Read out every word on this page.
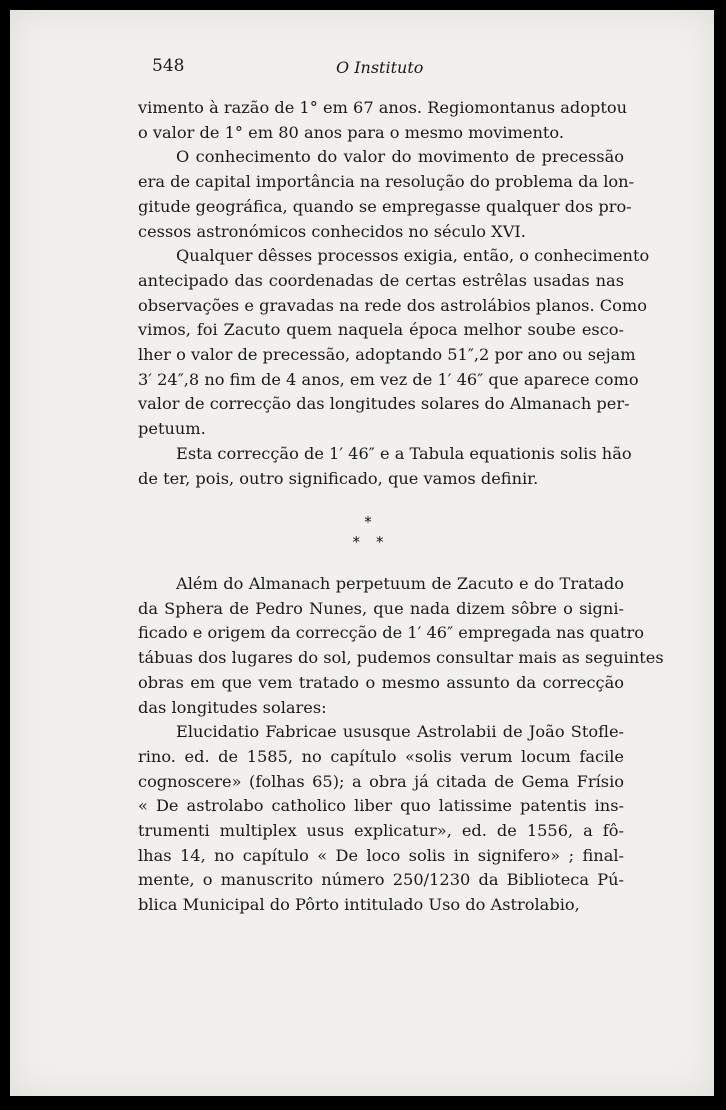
548	O Instituto

vimento à razão de 1° em 67 anos. Regiomontanus adoptou
o valor de 1° em 80 anos para o mesmo movimento.

O conhecimento do valor do movimento de precessão
era de capital importância na resolução do problema da lon-
gitude geográfica, quando se empregasse qualquer dos pro-
cessos astronómicos conhecidos no século XVI.

Qualquer dêsses processos exigia, então, o conhecimento
antecipado das coordenadas de certas estrêlas usadas nas
observações e gravadas na rede dos astrolábios planos. Como
vimos, foi Zacuto quem naquela época melhor soube esco-
lher o valor de precessão, adoptando 51″,2 por ano ou sejam
3′ 24″,8 no fim de 4 anos, em vez de 1′ 46″ que aparece como
valor de correcção das longitudes solares do Almanach per-
petuum.

Esta correcção de 1′ 46″ e a Tabula equationis solis hão
de ter, pois, outro significado, que vamos definir.

*
* *

Além do Almanach perpetuum de Zacuto e do Tratado
da Sphera de Pedro Nunes, que nada dizem sôbre o signi-
ficado e origem da correcção de 1′ 46″ empregada nas quatro
tábuas dos lugares do sol, pudemos consultar mais as seguintes
obras em que vem tratado o mesmo assunto da correcção
das longitudes solares:

Elucidatio Fabricae ususque Astrolabii de João Stofle-
rino. ed. de 1585, no capítulo «solis verum locum facile
cognoscere» (folhas 65); a obra já citada de Gema Frísio
« De astrolabo catholico liber quo latissime patentis ins-
trumenti multiplex usus explicatur», ed. de 1556, a fô-
lhas 14, no capítulo « De loco solis in signifero» ; final-
mente, o manuscrito número 250/1230 da Biblioteca Pú-
blica Municipal do Pôrto intitulado Uso do Astrolabio,
